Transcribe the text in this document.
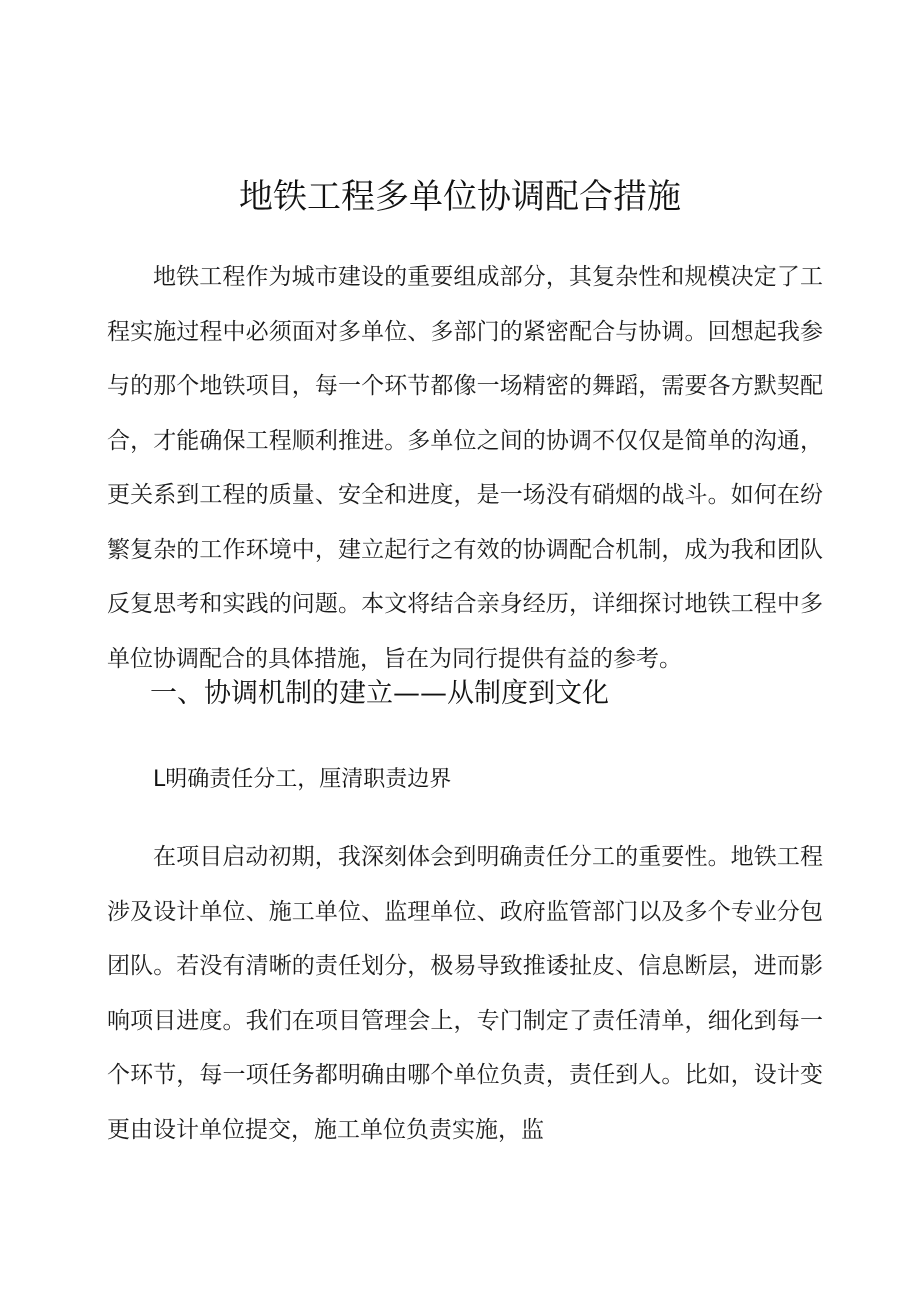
地铁工程多单位协调配合措施

地铁工程作为城市建设的重要组成部分，其复杂性和规模决定了工程实施过程中必须面对多单位、多部门的紧密配合与协调。回想起我参与的那个地铁项目，每一个环节都像一场精密的舞蹈，需要各方默契配合，才能确保工程顺利推进。多单位之间的协调不仅仅是简单的沟通，更关系到工程的质量、安全和进度，是一场没有硝烟的战斗。如何在纷繁复杂的工作环境中，建立起行之有效的协调配合机制，成为我和团队反复思考和实践的问题。本文将结合亲身经历，详细探讨地铁工程中多单位协调配合的具体措施，旨在为同行提供有益的参考。

一、协调机制的建立——从制度到文化
L明确责任分工，厘清职责边界

在项目启动初期，我深刻体会到明确责任分工的重要性。地铁工程涉及设计单位、施工单位、监理单位、政府监管部门以及多个专业分包团队。若没有清晰的责任划分，极易导致推诿扯皮、信息断层，进而影响项目进度。我们在项目管理会上，专门制定了责任清单，细化到每一个环节，每一项任务都明确由哪个单位负责，责任到人。比如，设计变更由设计单位提交，施工单位负责实施，监
